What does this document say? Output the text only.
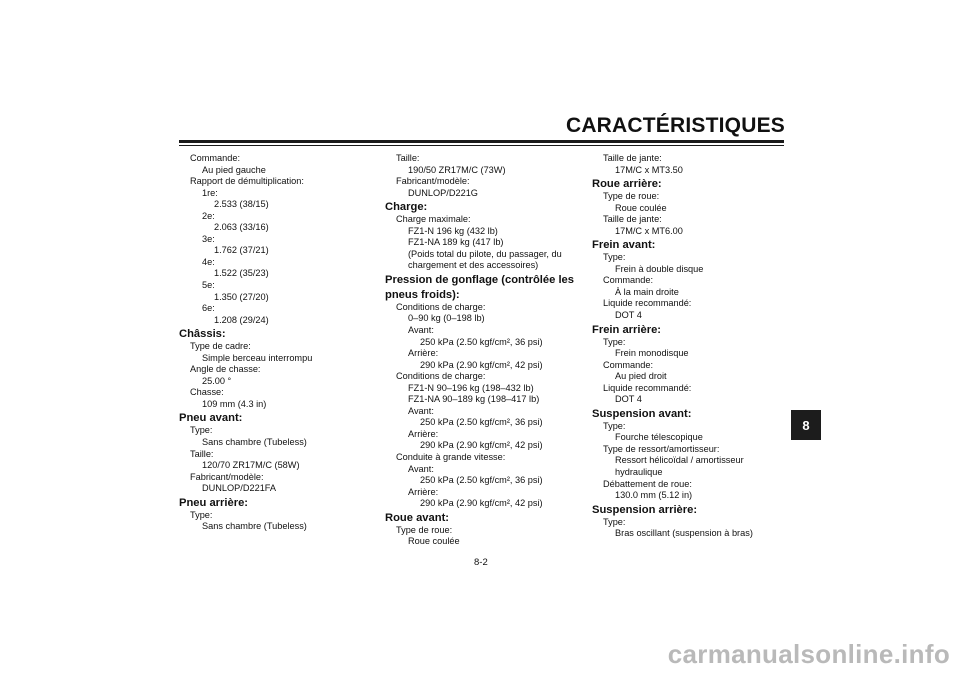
CARACTÉRISTIQUES
Commande:
Au pied gauche
Rapport de démultiplication:
1re:
2.533 (38/15)
2e:
2.063 (33/16)
3e:
1.762 (37/21)
4e:
1.522 (35/23)
5e:
1.350 (27/20)
6e:
1.208 (29/24)
Châssis:
Type de cadre:
Simple berceau interrompu
Angle de chasse:
25.00 °
Chasse:
109 mm (4.3 in)
Pneu avant:
Type:
Sans chambre (Tubeless)
Taille:
120/70 ZR17M/C (58W)
Fabricant/modèle:
DUNLOP/D221FA
Pneu arrière:
Type:
Sans chambre (Tubeless)
Taille:
190/50 ZR17M/C (73W)
Fabricant/modèle:
DUNLOP/D221G
Charge:
Charge maximale:
FZ1-N 196 kg (432 lb)
FZ1-NA 189 kg (417 lb)
(Poids total du pilote, du passager, du
chargement et des accessoires)
Pression de gonflage (contrôlée les
pneus froids):
Conditions de charge:
0–90 kg (0–198 lb)
Avant:
250 kPa (2.50 kgf/cm², 36 psi)
Arrière:
290 kPa (2.90 kgf/cm², 42 psi)
Conditions de charge:
FZ1-N 90–196 kg (198–432 lb)
FZ1-NA 90–189 kg (198–417 lb)
Avant:
250 kPa (2.50 kgf/cm², 36 psi)
Arrière:
290 kPa (2.90 kgf/cm², 42 psi)
Conduite à grande vitesse:
Avant:
250 kPa (2.50 kgf/cm², 36 psi)
Arrière:
290 kPa (2.90 kgf/cm², 42 psi)
Roue avant:
Type de roue:
Roue coulée
Taille de jante:
17M/C x MT3.50
Roue arrière:
Type de roue:
Roue coulée
Taille de jante:
17M/C x MT6.00
Frein avant:
Type:
Frein à double disque
Commande:
À la main droite
Liquide recommandé:
DOT 4
Frein arrière:
Type:
Frein monodisque
Commande:
Au pied droit
Liquide recommandé:
DOT 4
Suspension avant:
Type:
Fourche télescopique
Type de ressort/amortisseur:
Ressort hélicoïdal / amortisseur
hydraulique
Débattement de roue:
130.0 mm (5.12 in)
Suspension arrière:
Type:
Bras oscillant (suspension à bras)
8
8-2
carmanualsonline.info
